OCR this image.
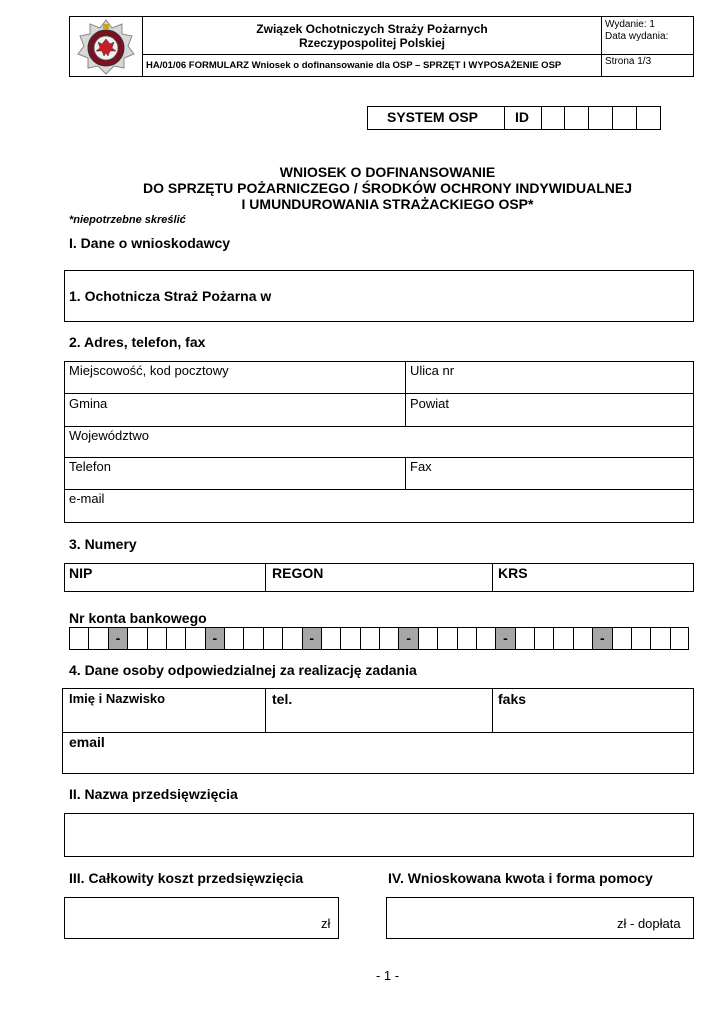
Związek Ochotniczych Straży Pożarnych
Rzeczypospolitej Polskiej
HA/01/06 FORMULARZ Wniosek o dofinansowanie dla OSP – SPRZĘT I WYPOSAŻENIE OSP
Wydanie: 1
Data wydania:
Strona 1/3
SYSTEM OSP	ID
WNIOSEK O DOFINANSOWANIE
DO SPRZĘTU POŻARNICZEGO / ŚRODKÓW OCHRONY INDYWIDUALNEJ
I UMUNDUROWANIA STRAŻACKIEGO OSP*
*niepotrzebne skreślić
I. Dane o wnioskodawcy
1. Ochotnicza Straż Pożarna w
2. Adres, telefon, fax
Miejscowość, kod pocztowy	Ulica nr
Gmina	Powiat
Województwo
Telefon	Fax
e-mail
3. Numery
NIP	REGON	KRS
Nr konta bankowego
-	-	-	-	-	-
4. Dane osoby odpowiedzialnej za realizację zadania
Imię i Nazwisko	tel.	faks
email
II. Nazwa przedsięwzięcia
III. Całkowity koszt przedsięwzięcia	IV. Wnioskowana kwota i forma pomocy
zł	zł - dopłata
- 1 -
